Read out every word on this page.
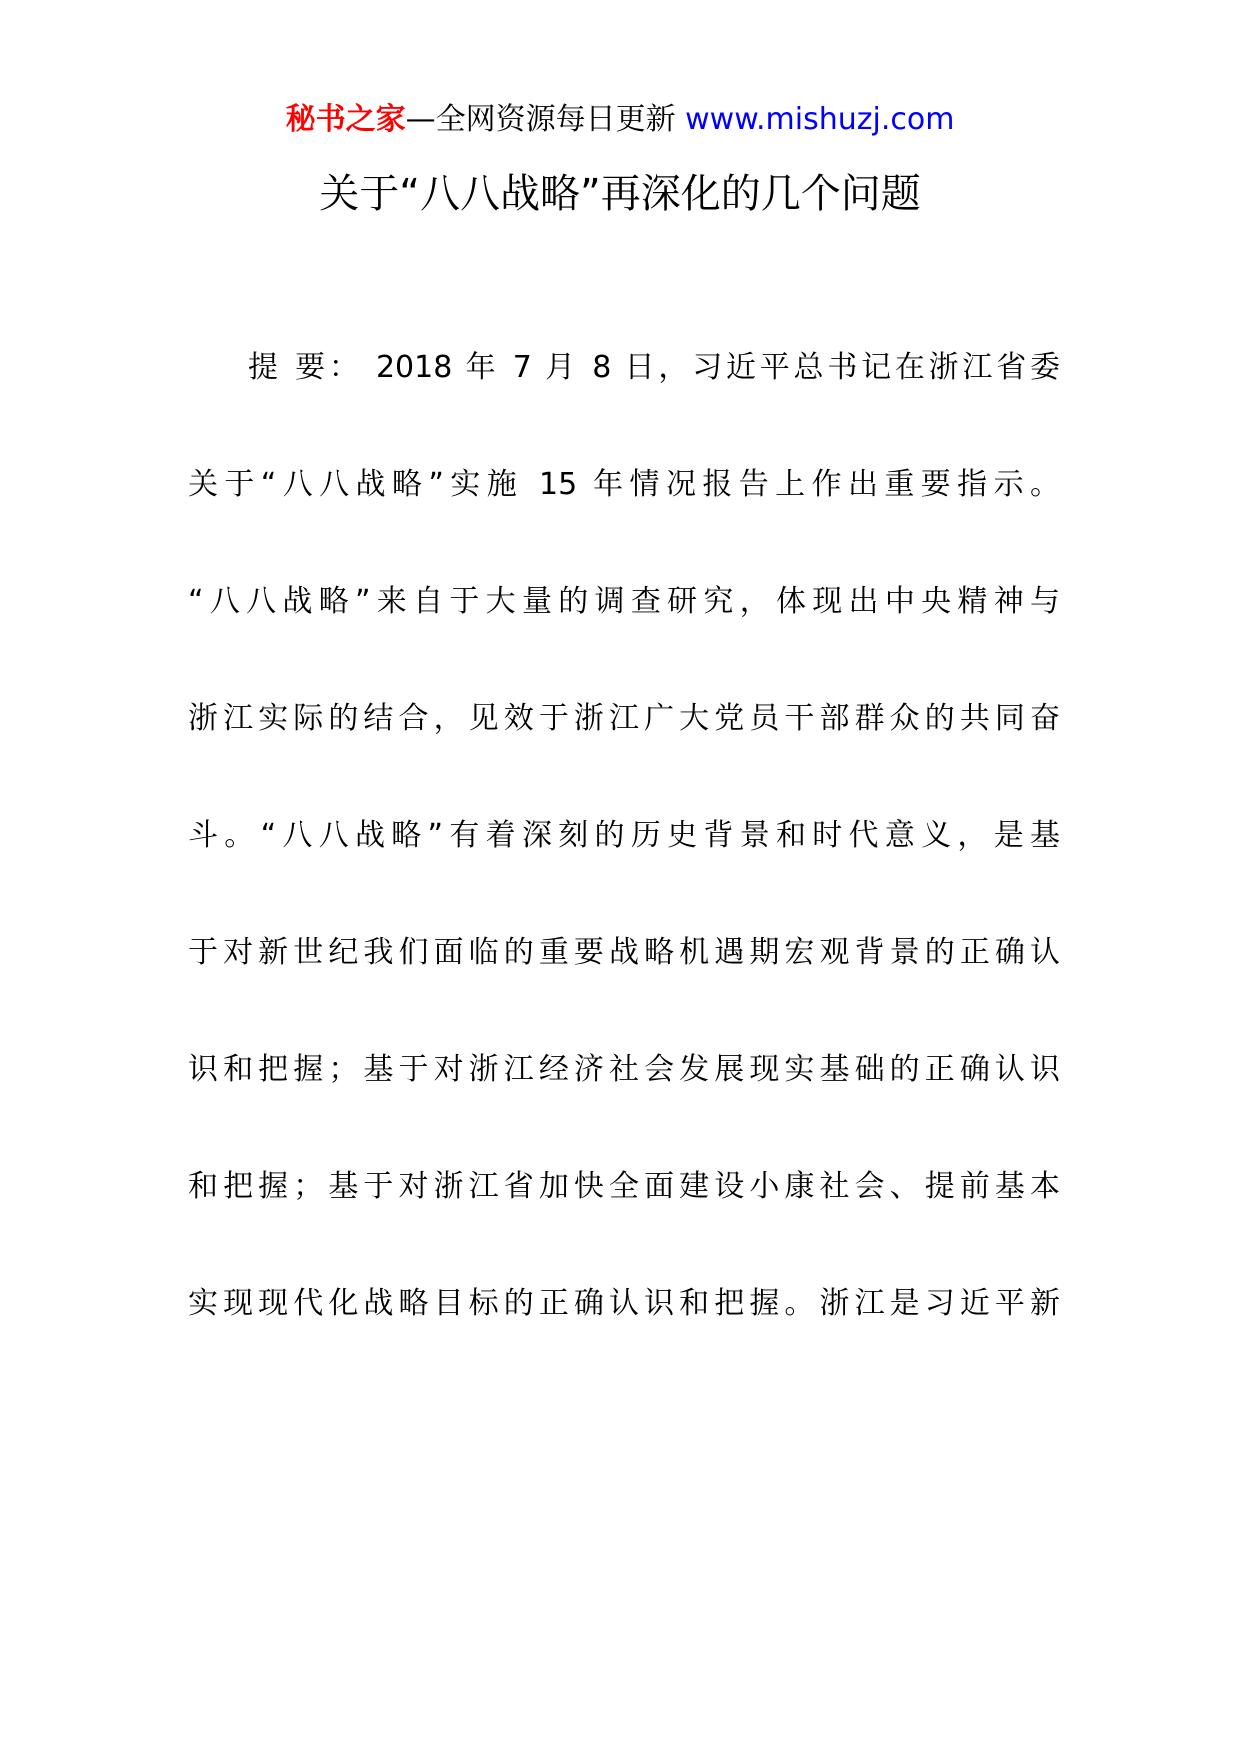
秘书之家—全网资源每日更新 www.mishuzj.com
关于“八八战略”再深化的几个问题
提 要： 2018 年 7 月 8 日，习近平总书记在浙江省委
关于“八八战略”实施 15 年情况报告上作出重要指示。
“八八战略”来自于大量的调查研究，体现出中央精神与
浙江实际的结合，见效于浙江广大党员干部群众的共同奋
斗。“八八战略”有着深刻的历史背景和时代意义，是基
于对新世纪我们面临的重要战略机遇期宏观背景的正确认
识和把握；基于对浙江经济社会发展现实基础的正确认识
和把握；基于对浙江省加快全面建设小康社会、提前基本
实现现代化战略目标的正确认识和把握。浙江是习近平新
